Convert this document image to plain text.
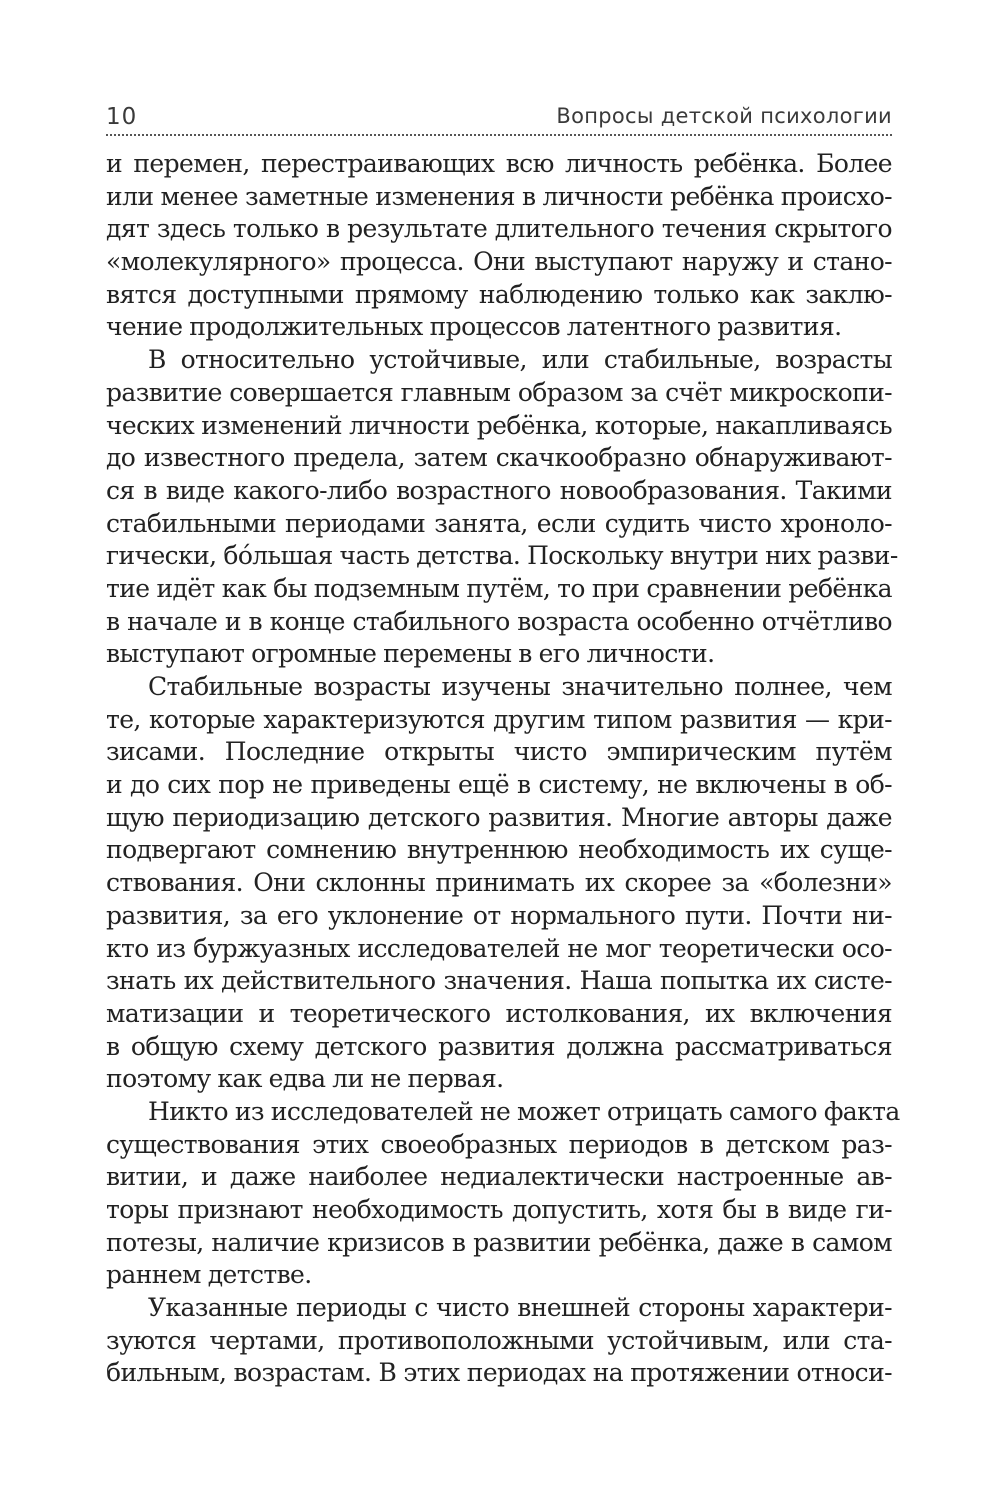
10	Вопросы детской психологии
и перемен, перестраивающих всю личность ребёнка. Более
или менее заметные изменения в личности ребёнка происхо-
дят здесь только в результате длительного течения скрытого
«молекулярного» процесса. Они выступают наружу и стано-
вятся доступными прямому наблюдению только как заклю-
чение продолжительных процессов латентного развития.
В относительно устойчивые, или стабильные, возрасты
развитие совершается главным образом за счёт микроскопи-
ческих изменений личности ребёнка, которые, накапливаясь
до известного предела, затем скачкообразно обнаруживают-
ся в виде какого-либо возрастного новообразования. Такими
стабильными периодами занята, если судить чисто хроноло-
гически, бóльшая часть детства. Поскольку внутри них разви-
тие идёт как бы подземным путём, то при сравнении ребёнка
в начале и в конце стабильного возраста особенно отчётливо
выступают огромные перемены в его личности.
Стабильные возрасты изучены значительно полнее, чем
те, которые характеризуются другим типом развития — кри-
зисами. Последние открыты чисто эмпирическим путём
и до сих пор не приведены ещё в систему, не включены в об-
щую периодизацию детского развития. Многие авторы даже
подвергают сомнению внутреннюю необходимость их суще-
ствования. Они склонны принимать их скорее за «болезни»
развития, за его уклонение от нормального пути. Почти ни-
кто из буржуазных исследователей не мог теоретически осо-
знать их действительного значения. Наша попытка их систе-
матизации и теоретического истолкования, их включения
в общую схему детского развития должна рассматриваться
поэтому как едва ли не первая.
Никто из исследователей не может отрицать самого факта
существования этих своеобразных периодов в детском раз-
витии, и даже наиболее недиалектически настроенные ав-
торы признают необходимость допустить, хотя бы в виде ги-
потезы, наличие кризисов в развитии ребёнка, даже в самом
раннем детстве.
Указанные периоды с чисто внешней стороны характери-
зуются чертами, противоположными устойчивым, или ста-
бильным, возрастам. В этих периодах на протяжении относи-
